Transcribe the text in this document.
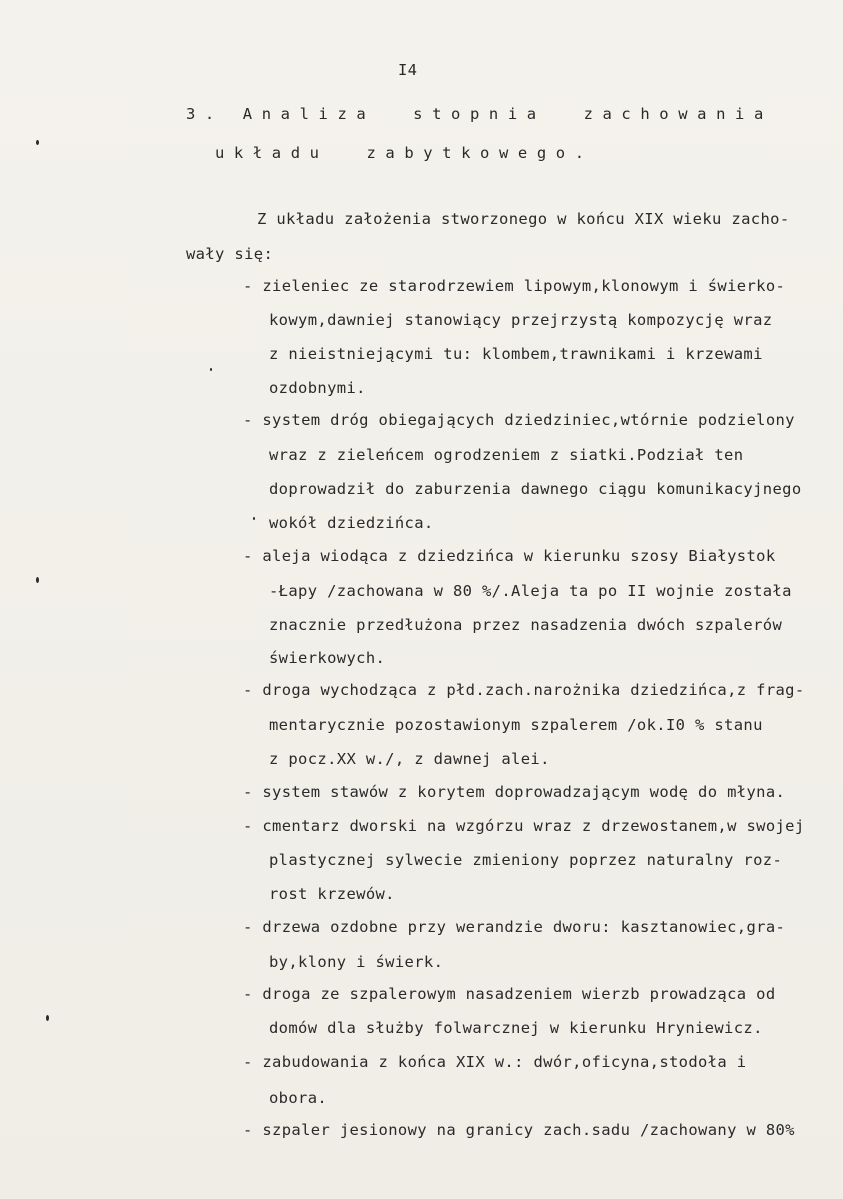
I4
3. Analiza  stopnia  zachowania
układu  zabytkowego.
Z układu założenia stworzonego w końcu XIX wieku zacho-
wały się:
- zieleniec ze starodrzewiem lipowym,klonowym i świerko-
kowym,dawniej stanowiący przejrzystą kompozycję wraz
z nieistniejącymi tu: klombem,trawnikami i krzewami
ozdobnymi.
- system dróg obiegających dziedziniec,wtórnie podzielony
wraz z zieleńcem ogrodzeniem z siatki.Podział ten
doprowadził do zaburzenia dawnego ciągu komunikacyjnego
wokół dziedzińca.
- aleja wiodąca z dziedzińca w kierunku szosy Białystok
-Łapy /zachowana w 80 %/.Aleja ta po II wojnie została
znacznie przedłużona przez nasadzenia dwóch szpalerów
świerkowych.
- droga wychodząca z płd.zach.narożnika dziedzińca,z frag-
mentarycznie pozostawionym szpalerem /ok.I0 % stanu
z pocz.XX w./, z dawnej alei.
- system stawów z korytem doprowadzającym wodę do młyna.
- cmentarz dworski na wzgórzu wraz z drzewostanem,w swojej
plastycznej sylwecie zmieniony poprzez naturalny roz-
rost krzewów.
- drzewa ozdobne przy werandzie dworu: kasztanowiec,gra-
by,klony i świerk.
- droga ze szpalerowym nasadzeniem wierzb prowadząca od
domów dla służby folwarcznej w kierunku Hryniewicz.
- zabudowania z końca XIX w.: dwór,oficyna,stodoła i
obora.
- szpaler jesionowy na granicy zach.sadu /zachowany w 80%
